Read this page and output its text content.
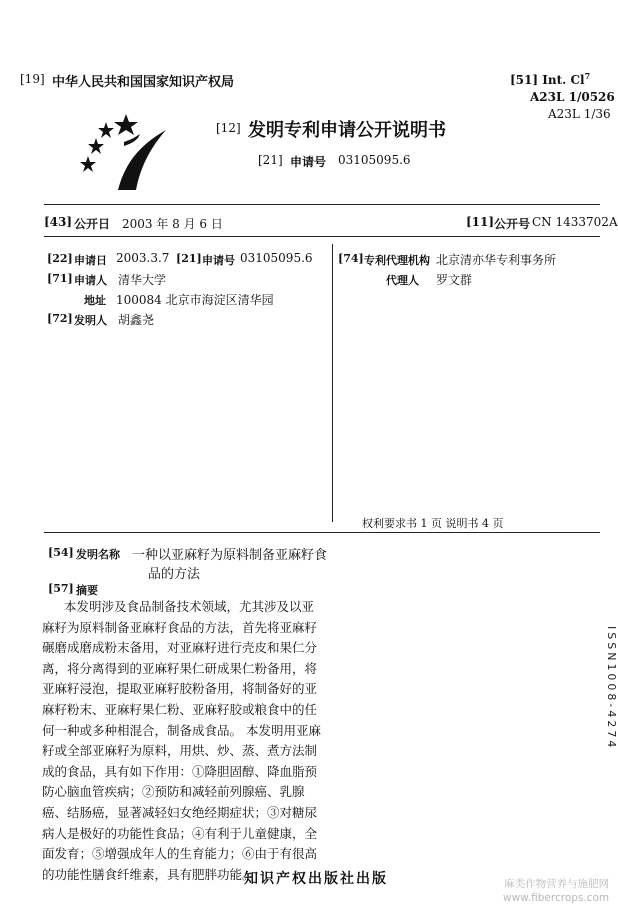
[19] 中华人民共和国国家知识产权局	[51] Int. Cl$^7$
A23L 1/0526
A23L 1/36
[12] 发明专利申请公开说明书
[21] 申请号 03105095.6
[43] 公开日 2003 年 8 月 6 日	[11] 公开号 CN 1433702A
[22] 申请日 2003.3.7 [21] 申请号 03105095.6
[71] 申请人 清华大学
地址 100084 北京市海淀区清华园
[72] 发明人 胡鑫尧
[74] 专利代理机构 北京清亦华专利事务所
代理人 罗文群
权利要求书 1 页 说明书 4 页
[54] 发明名称 一种以亚麻籽为原料制备亚麻籽食
品的方法
[57] 摘要
本发明涉及食品制备技术领域，尤其涉及以亚
麻籽为原料制备亚麻籽食品的方法，首先将亚麻籽
碾磨成磨成粉末备用，对亚麻籽进行壳皮和果仁分
离，将分离得到的亚麻籽果仁研成果仁粉备用，将
亚麻籽浸泡，提取亚麻籽胶粉备用，将制备好的亚
麻籽粉末、亚麻籽果仁粉、亚麻籽胶或粮食中的任
何一种或多种相混合，制备成食品。 本发明用亚麻
籽或全部亚麻籽为原料，用烘、炒、蒸、煮方法制
成的食品，具有如下作用：①降胆固醇、降血脂预
防心脑血管疾病；②预防和减轻前列腺癌、乳腺
癌、结肠癌，显著减轻妇女绝经期症状；③对糖尿
病人是极好的功能性食品；④有利于儿童健康，全
面发育；⑤增强成年人的生育能力；⑥由于有很高
的功能性膳食纤维素，具有肥胖功能。
ISSN1008-4274
知识产权出版社出版	麻类作物营养与施肥网
www.fibercrops.com
